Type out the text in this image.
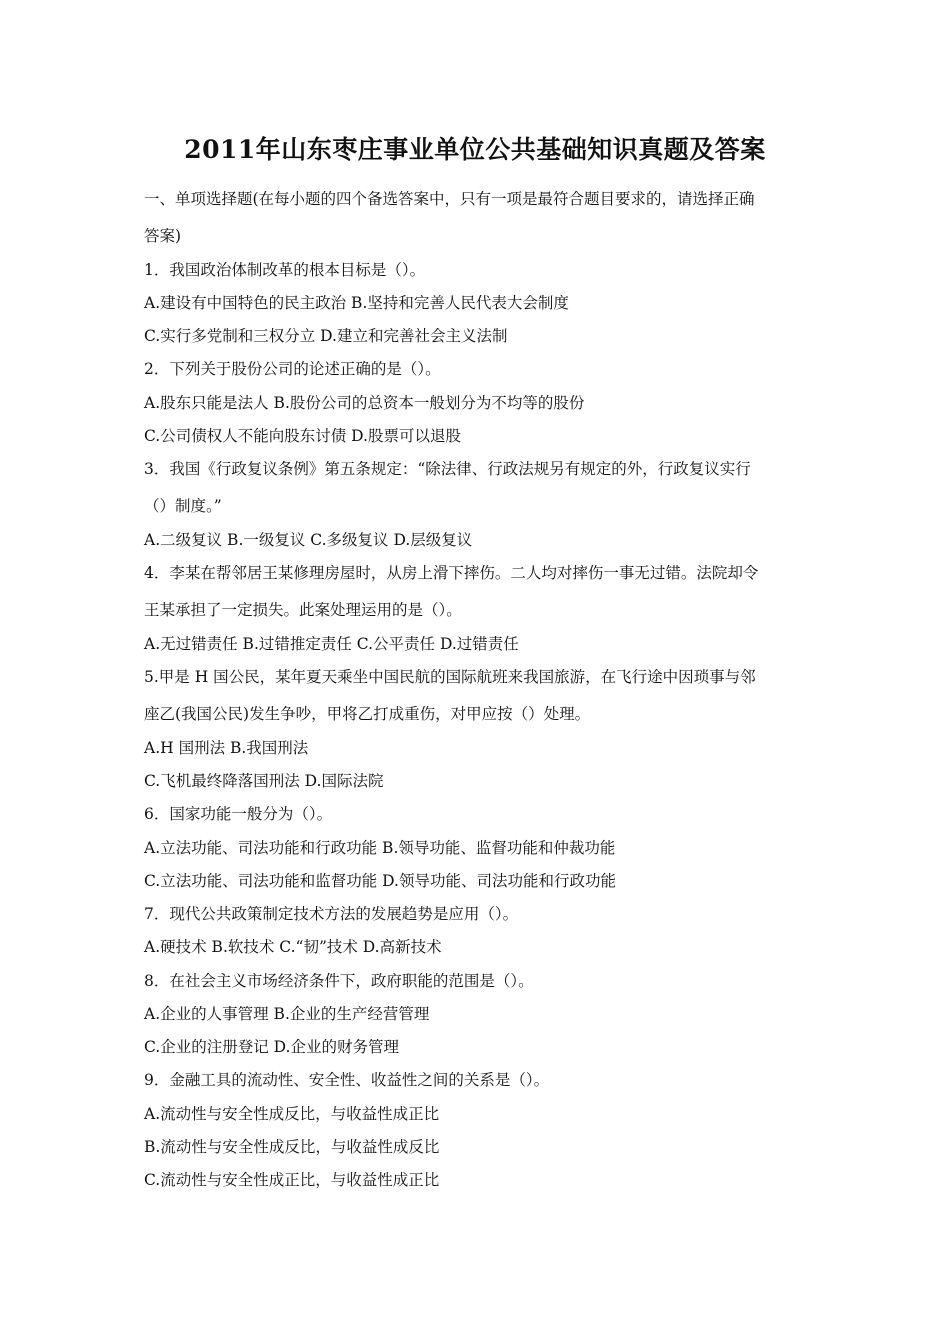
2011年山东枣庄事业单位公共基础知识真题及答案
一、单项选择题(在每小题的四个备选答案中，只有一项是最符合题目要求的，请选择正确
答案)
1．我国政治体制改革的根本目标是（）。
A.建设有中国特色的民主政治 B.坚持和完善人民代表大会制度
C.实行多党制和三权分立 D.建立和完善社会主义法制
2．下列关于股份公司的论述正确的是（）。
A.股东只能是法人 B.股份公司的总资本一般划分为不均等的股份
C.公司债权人不能向股东讨债 D.股票可以退股
3．我国《行政复议条例》第五条规定：“除法律、行政法规另有规定的外，行政复议实行
（）制度。”
A.二级复议 B.一级复议 C.多级复议 D.层级复议
4．李某在帮邻居王某修理房屋时，从房上滑下摔伤。二人均对摔伤一事无过错。法院却令
王某承担了一定损失。此案处理运用的是（）。
A.无过错责任 B.过错推定责任 C.公平责任 D.过错责任
5.甲是 H 国公民，某年夏天乘坐中国民航的国际航班来我国旅游，在飞行途中因琐事与邻
座乙(我国公民)发生争吵，甲将乙打成重伤，对甲应按（）处理。
A.H 国刑法 B.我国刑法
C.飞机最终降落国刑法 D.国际法院
6．国家功能一般分为（）。
A.立法功能、司法功能和行政功能 B.领导功能、监督功能和仲裁功能
C.立法功能、司法功能和监督功能 D.领导功能、司法功能和行政功能
7．现代公共政策制定技术方法的发展趋势是应用（）。
A.硬技术 B.软技术 C.“韧”技术 D.高新技术
8．在社会主义市场经济条件下，政府职能的范围是（）。
A.企业的人事管理 B.企业的生产经营管理
C.企业的注册登记 D.企业的财务管理
9．金融工具的流动性、安全性、收益性之间的关系是（）。
A.流动性与安全性成反比，与收益性成正比
B.流动性与安全性成反比，与收益性成反比
C.流动性与安全性成正比，与收益性成正比
